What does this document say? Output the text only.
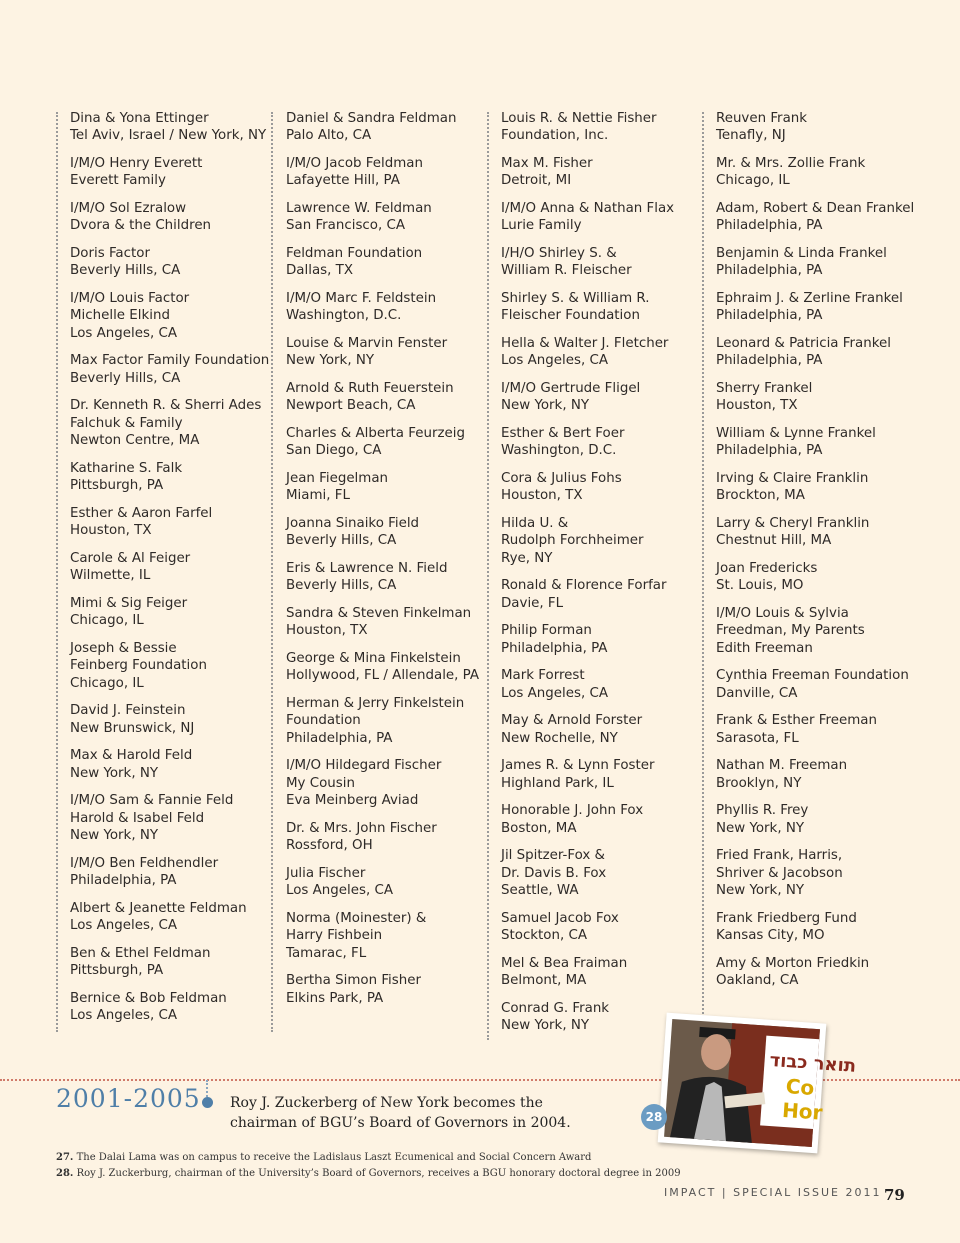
Dina & Yona Ettinger
Tel Aviv, Israel / New York, NY
I/M/O Henry Everett
Everett Family
I/M/O Sol Ezralow
Dvora & the Children
Doris Factor
Beverly Hills, CA
I/M/O Louis Factor
Michelle Elkind
Los Angeles, CA
Max Factor Family Foundation
Beverly Hills, CA
Dr. Kenneth R. & Sherri Ades
Falchuk & Family
Newton Centre, MA
Katharine S. Falk
Pittsburgh, PA
Esther & Aaron Farfel
Houston, TX
Carole & Al Feiger
Wilmette, IL
Mimi & Sig Feiger
Chicago, IL
Joseph & Bessie
Feinberg Foundation
Chicago, IL
David J. Feinstein
New Brunswick, NJ
Max & Harold Feld
New York, NY
I/M/O Sam & Fannie Feld
Harold & Isabel Feld
New York, NY
I/M/O Ben Feldhendler
Philadelphia, PA
Albert & Jeanette Feldman
Los Angeles, CA
Ben & Ethel Feldman
Pittsburgh, PA
Bernice & Bob Feldman
Los Angeles, CA
Daniel & Sandra Feldman
Palo Alto, CA
I/M/O Jacob Feldman
Lafayette Hill, PA
Lawrence W. Feldman
San Francisco, CA
Feldman Foundation
Dallas, TX
I/M/O Marc F. Feldstein
Washington, D.C.
Louise & Marvin Fenster
New York, NY
Arnold & Ruth Feuerstein
Newport Beach, CA
Charles & Alberta Feurzeig
San Diego, CA
Jean Fiegelman
Miami, FL
Joanna Sinaiko Field
Beverly Hills, CA
Eris & Lawrence N. Field
Beverly Hills, CA
Sandra & Steven Finkelman
Houston, TX
George & Mina Finkelstein
Hollywood, FL / Allendale, PA
Herman & Jerry Finkelstein
Foundation
Philadelphia, PA
I/M/O Hildegard Fischer
My Cousin
Eva Meinberg Aviad
Dr. & Mrs. John Fischer
Rossford, OH
Julia Fischer
Los Angeles, CA
Norma (Moinester) &
Harry Fishbein
Tamarac, FL
Bertha Simon Fisher
Elkins Park, PA
Louis R. & Nettie Fisher
Foundation, Inc.
Max M. Fisher
Detroit, MI
I/M/O Anna & Nathan Flax
Lurie Family
I/H/O Shirley S. &
William R. Fleischer
Shirley S. & William R.
Fleischer Foundation
Hella & Walter J. Fletcher
Los Angeles, CA
I/M/O Gertrude Fligel
New York, NY
Esther & Bert Foer
Washington, D.C.
Cora & Julius Fohs
Houston, TX
Hilda U. &
Rudolph Forchheimer
Rye, NY
Ronald & Florence Forfar
Davie, FL
Philip Forman
Philadelphia, PA
Mark Forrest
Los Angeles, CA
May & Arnold Forster
New Rochelle, NY
James R. & Lynn Foster
Highland Park, IL
Honorable J. John Fox
Boston, MA
Jil Spitzer-Fox &
Dr. Davis B. Fox
Seattle, WA
Samuel Jacob Fox
Stockton, CA
Mel & Bea Fraiman
Belmont, MA
Conrad G. Frank
New York, NY
Reuven Frank
Tenafly, NJ
Mr. & Mrs. Zollie Frank
Chicago, IL
Adam, Robert & Dean Frankel
Philadelphia, PA
Benjamin & Linda Frankel
Philadelphia, PA
Ephraim J. & Zerline Frankel
Philadelphia, PA
Leonard & Patricia Frankel
Philadelphia, PA
Sherry Frankel
Houston, TX
William & Lynne Frankel
Philadelphia, PA
Irving & Claire Franklin
Brockton, MA
Larry & Cheryl Franklin
Chestnut Hill, MA
Joan Fredericks
St. Louis, MO
I/M/O Louis & Sylvia
Freedman, My Parents
Edith Freeman
Cynthia Freeman Foundation
Danville, CA
Frank & Esther Freeman
Sarasota, FL
Nathan M. Freeman
Brooklyn, NY
Phyllis R. Frey
New York, NY
Fried Frank, Harris,
Shriver & Jacobson
New York, NY
Frank Friedberg Fund
Kansas City, MO
Amy & Morton Friedkin
Oakland, CA
2001-2005 Roy J. Zuckerberg of New York becomes the chairman of BGU’s Board of Governors in 2004.
27. The Dalai Lama was on campus to receive the Ladislaus Laszt Ecumenical and Social Concern Award
28. Roy J. Zuckerburg, chairman of the University’s Board of Governors, receives a BGU honorary doctoral degree in 2009
28
תואר כבוד
Co
Hor
IMPACT | SPECIAL ISSUE 2011 79
